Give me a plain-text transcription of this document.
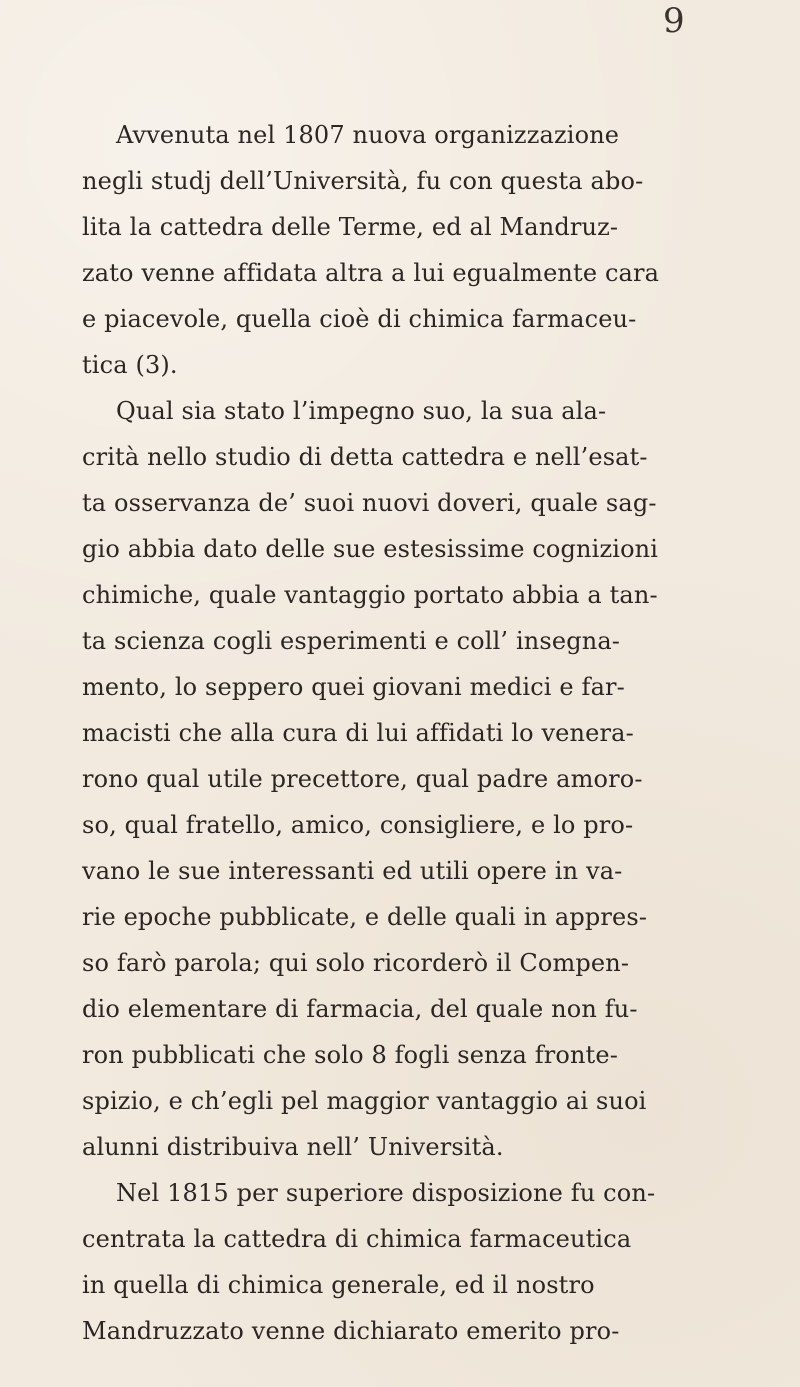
9
Avvenuta nel 1807 nuova organizzazione
negli studj dell’Università, fu con questa abo-
lita la cattedra delle Terme, ed al Mandruz-
zato venne affidata altra a lui egualmente cara
e piacevole, quella cioè di chimica farmaceu-
tica (3).
Qual sia stato l’impegno suo, la sua ala-
crità nello studio di detta cattedra e nell’esat-
ta osservanza de’ suoi nuovi doveri, quale sag-
gio abbia dato delle sue estesissime cognizioni
chimiche, quale vantaggio portato abbia a tan-
ta scienza cogli esperimenti e coll’ insegna-
mento, lo seppero quei giovani medici e far-
macisti che alla cura di lui affidati lo venera-
rono qual utile precettore, qual padre amoro-
so, qual fratello, amico, consigliere, e lo pro-
vano le sue interessanti ed utili opere in va-
rie epoche pubblicate, e delle quali in appres-
so farò parola; qui solo ricorderò il Compen-
dio elementare di farmacia, del quale non fu-
ron pubblicati che solo 8 fogli senza fronte-
spizio, e ch’egli pel maggior vantaggio ai suoi
alunni distribuiva nell’ Università.
Nel 1815 per superiore disposizione fu con-
centrata la cattedra di chimica farmaceutica
in quella di chimica generale, ed il nostro
Mandruzzato venne dichiarato emerito pro-
